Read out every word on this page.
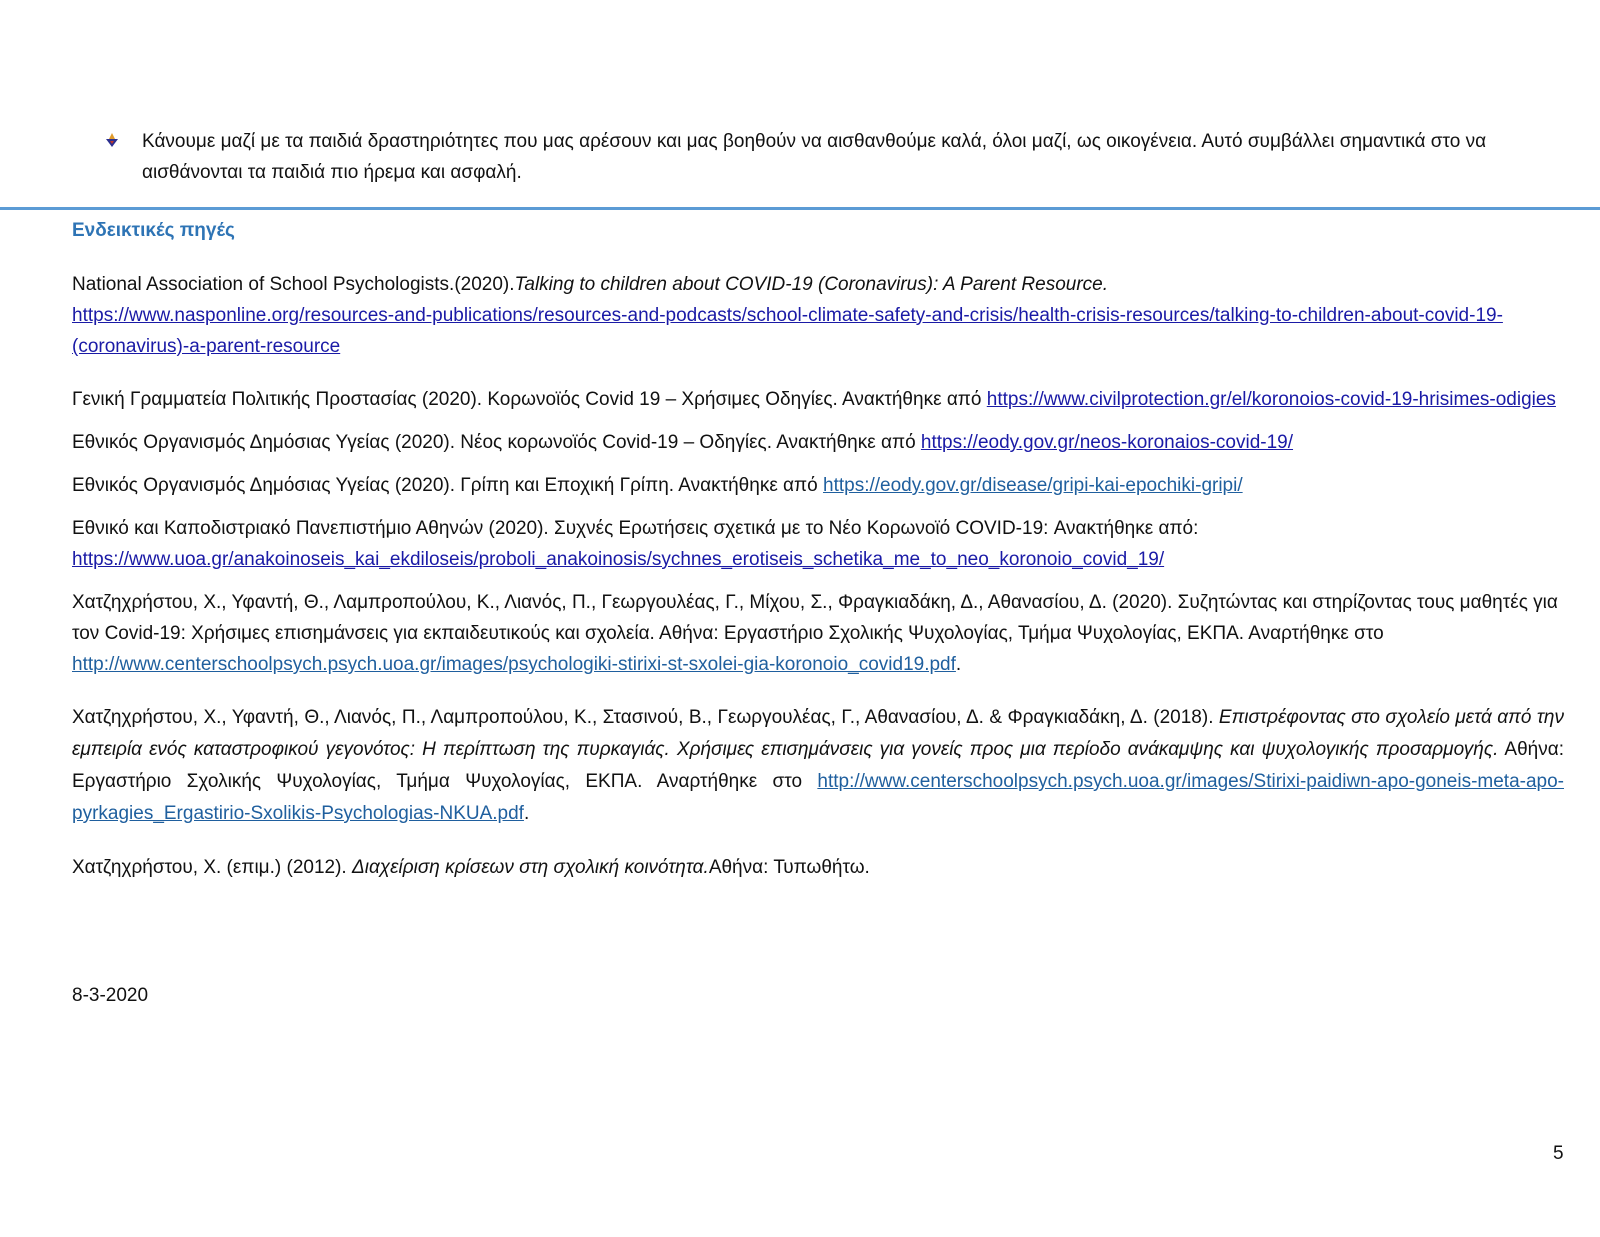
Κάνουμε μαζί με τα παιδιά δραστηριότητες που μας αρέσουν και μας βοηθούν να αισθανθούμε καλά, όλοι μαζί, ως οικογένεια. Αυτό συμβάλλει σημαντικά στο να αισθάνονται τα παιδιά πιο ήρεμα και ασφαλή.
Ενδεικτικές πηγές

National Association of School Psychologists.(2020).Talking to children about COVID-19 (Coronavirus): A Parent Resource.
https://www.nasponline.org/resources-and-publications/resources-and-podcasts/school-climate-safety-and-crisis/health-crisis-resources/talking-to-children-about-covid-19-(coronavirus)-a-parent-resource

Γενική Γραμματεία Πολιτικής Προστασίας (2020). Κορωνοϊός Covid 19 – Χρήσιμες Οδηγίες. Ανακτήθηκε από https://www.civilprotection.gr/el/koronoios-covid-19-hrisimes-odigies

Εθνικός Οργανισμός Δημόσιας Υγείας (2020). Νέος κορωνοϊός Covid-19 – Οδηγίες. Ανακτήθηκε από https://eody.gov.gr/neos-koronaios-covid-19/

Εθνικός Οργανισμός Δημόσιας Υγείας (2020). Γρίπη και Εποχική Γρίπη. Ανακτήθηκε από https://eody.gov.gr/disease/gripi-kai-epochiki-gripi/

Εθνικό και Καποδιστριακό Πανεπιστήμιο Αθηνών (2020). Συχνές Ερωτήσεις σχετικά με το Νέο Κορωνοϊό COVID-19: Ανακτήθηκε από: https://www.uoa.gr/anakoinoseis_kai_ekdiloseis/proboli_anakoinosis/sychnes_erotiseis_schetika_me_to_neo_koronoio_covid_19/

Χατζηχρήστου, Χ., Υφαντή, Θ., Λαμπροπούλου, Κ., Λιανός, Π., Γεωργουλέας, Γ., Μίχου, Σ., Φραγκιαδάκη, Δ., Αθανασίου, Δ. (2020). Συζητώντας και στηρίζοντας τους μαθητές για τον Covid-19: Χρήσιμες επισημάνσεις για εκπαιδευτικούς και σχολεία. Αθήνα: Εργαστήριο Σχολικής Ψυχολογίας, Τμήμα Ψυχολογίας, ΕΚΠΑ. Αναρτήθηκε στο http://www.centerschoolpsych.psych.uoa.gr/images/psychologiki-stirixi-st-sxolei-gia-koronoio_covid19.pdf.

Χατζηχρήστου, Χ., Υφαντή, Θ., Λιανός, Π., Λαμπροπούλου, Κ., Στασινού, Β., Γεωργουλέας, Γ., Αθανασίου, Δ. & Φραγκιαδάκη, Δ. (2018). Επιστρέφοντας στο σχολείο μετά από την εμπειρία ενός καταστροφικού γεγονότος: Η περίπτωση της πυρκαγιάς. Χρήσιμες επισημάνσεις για γονείς προς μια περίοδο ανάκαμψης και ψυχολογικής προσαρμογής. Αθήνα: Εργαστήριο Σχολικής Ψυχολογίας, Τμήμα Ψυχολογίας, ΕΚΠΑ. Αναρτήθηκε στο http://www.centerschoolpsych.psych.uoa.gr/images/Stirixi-paidiwn-apo-goneis-meta-apo-pyrkagies_Ergastirio-Sxolikis-Psychologias-NKUA.pdf.

Χατζηχρήστου, Χ. (επιμ.) (2012). Διαχείριση κρίσεων στη σχολική κοινότητα.Αθήνα: Τυπωθήτω.

8-3-2020
5
